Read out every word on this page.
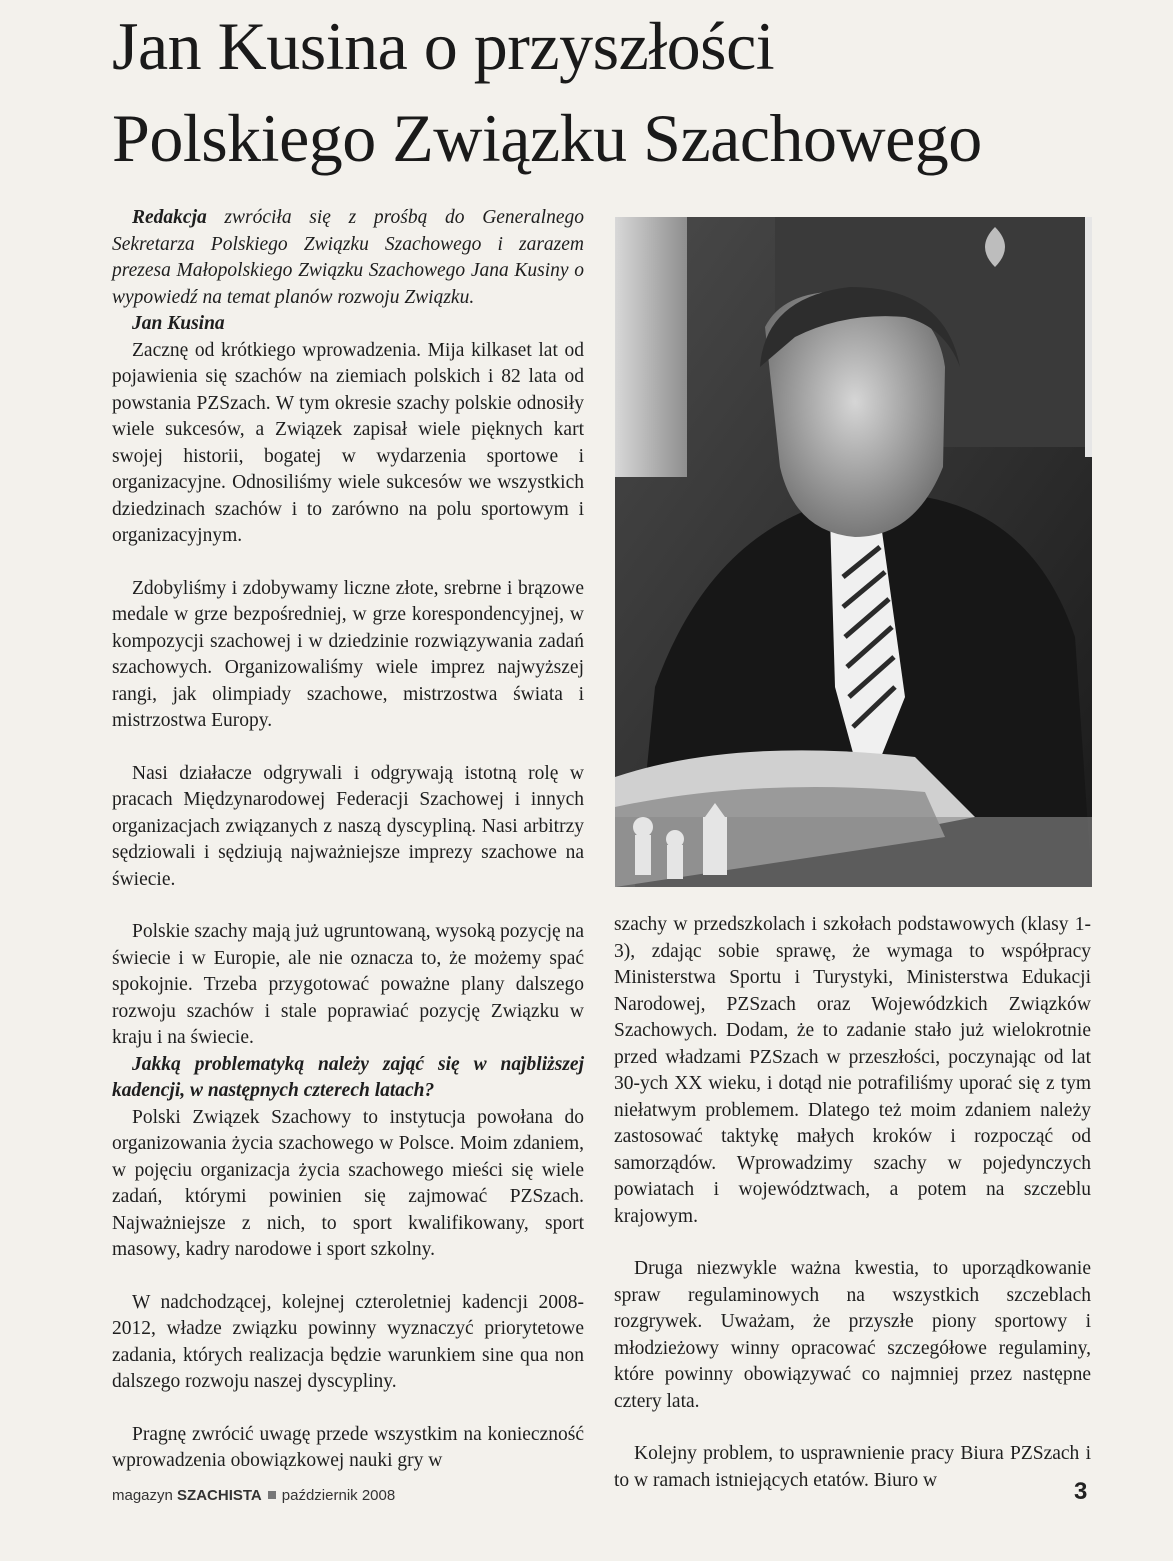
Jan Kusina o przyszłości
Polskiego Związku Szachowego

Redakcja zwróciła się z prośbą do Generalnego Sekretarza Polskiego Związku Szachowego i zarazem prezesa Małopolskiego Związku Szachowego Jana Kusiny o wypowiedź na temat planów rozwoju Związku.

Jan Kusina

Zacznę od krótkiego wprowadzenia. Mija kilkaset lat od pojawienia się szachów na ziemiach polskich i 82 lata od powstania PZSzach. W tym okresie szachy polskie odnosiły wiele sukcesów, a Związek zapisał wiele pięknych kart swojej historii, bogatej w wydarzenia sportowe i organizacyjne. Odnosiliśmy wiele sukcesów we wszystkich dziedzinach szachów i to zarówno na polu sportowym i organizacyjnym.

Zdobyliśmy i zdobywamy liczne złote, srebrne i brązowe medale w grze bezpośredniej, w grze korespondencyjnej, w kompozycji szachowej i w dziedzinie rozwiązywania zadań szachowych. Organizowaliśmy wiele imprez najwyższej rangi, jak olimpiady szachowe, mistrzostwa świata i mistrzostwa Europy.

Nasi działacze odgrywali i odgrywają istotną rolę w pracach Międzynarodowej Federacji Szachowej i innych organizacjach związanych z naszą dyscypliną. Nasi arbitrzy sędziowali i sędziują najważniejsze imprezy szachowe na świecie.

Polskie szachy mają już ugruntowaną, wysoką pozycję na świecie i w Europie, ale nie oznacza to, że możemy spać spokojnie. Trzeba przygotować poważne plany dalszego rozwoju szachów i stale poprawiać pozycję Związku w kraju i na świecie.

Jakką problematyką należy zająć się w najbliższej kadencji, w następnych czterech latach?

Polski Związek Szachowy to instytucja powołana do organizowania życia szachowego w Polsce. Moim zdaniem, w pojęciu organizacja życia szachowego mieści się wiele zadań, którymi powinien się zajmować PZSzach. Najważniejsze z nich, to sport kwalifikowany, sport masowy, kadry narodowe i sport szkolny.

W nadchodzącej, kolejnej czteroletniej kadencji 2008-2012, władze związku powinny wyznaczyć priorytetowe zadania, których realizacja będzie warunkiem sine qua non dalszego rozwoju naszej dyscypliny.

Pragnę zwrócić uwagę przede wszystkim na konieczność wprowadzenia obowiązkowej nauki gry w

szachy w przedszkolach i szkołach podstawowych (klasy 1-3), zdając sobie sprawę, że wymaga to współpracy Ministerstwa Sportu i Turystyki, Ministerstwa Edukacji Narodowej, PZSzach oraz Wojewódzkich Związków Szachowych. Dodam, że to zadanie stało już wielokrotnie przed władzami PZSzach w przeszłości, poczynając od lat 30-ych XX wieku, i dotąd nie potrafiliśmy uporać się z tym niełatwym problemem. Dlatego też moim zdaniem należy zastosować taktykę małych kroków i rozpocząć od samorządów. Wprowadzimy szachy w pojedynczych powiatach i województwach, a potem na szczeblu krajowym.

Druga niezwykle ważna kwestia, to uporządkowanie spraw regulaminowych na wszystkich szczeblach rozgrywek. Uważam, że przyszłe piony sportowy i młodzieżowy winny opracować szczegółowe regulaminy, które powinny obowiązywać co najmniej przez następne cztery lata.

Kolejny problem, to usprawnienie pracy Biura PZSzach i to w ramach istniejących etatów. Biuro w

magazyn SZACHISTA październik 2008	3
